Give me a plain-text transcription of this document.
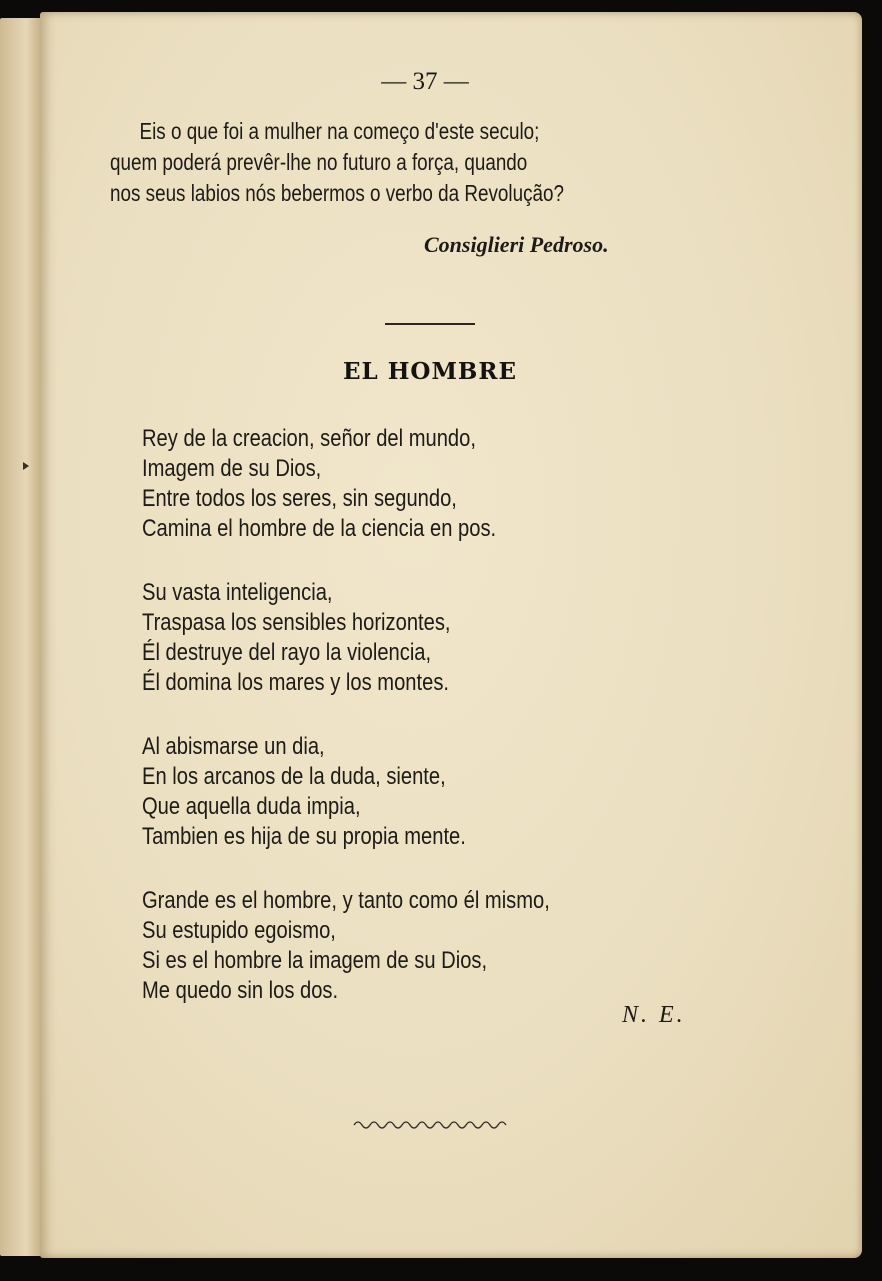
— 37 —
Eis o que foi a mulher na começo d'este seculo;
quem poderá prevêr-lhe no futuro a força, quando
nos seus labios nós bebermos o verbo da Revolução?
Consiglieri Pedroso.
EL HOMBRE
Rey de la creacion, señor del mundo,
Imagem de su Dios,
Entre todos los seres, sin segundo,
Camina el hombre de la ciencia en pos.
Su vasta inteligencia,
Traspasa los sensibles horizontes,
Él destruye del rayo la violencia,
Él domina los mares y los montes.
Al abismarse un dia,
En los arcanos de la duda, siente,
Que aquella duda impia,
Tambien es hija de su propia mente.
Grande es el hombre, y tanto como él mismo,
Su estupido egoismo,
Si es el hombre la imagem de su Dios,
Me quedo sin los dos.
N. E.
